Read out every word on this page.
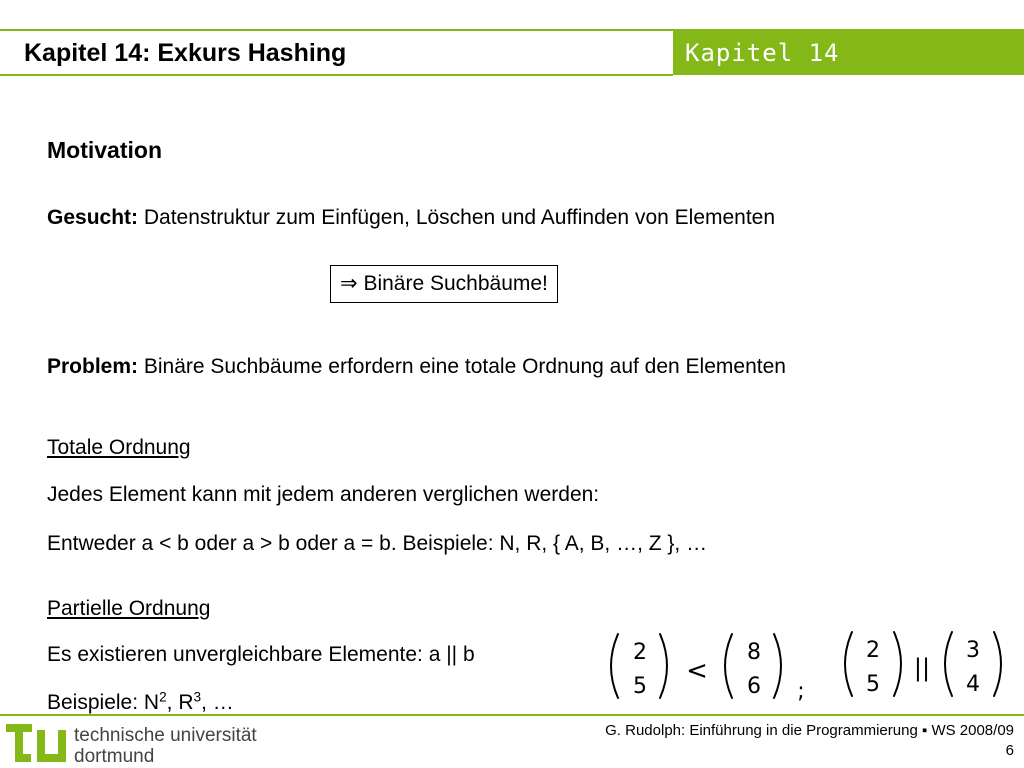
Kapitel 14: Exkurs Hashing	Kapitel 14
Motivation
Gesucht: Datenstruktur zum Einfügen, Löschen und Auffinden von Elementen
⇒ Binäre Suchbäume!
Problem: Binäre Suchbäume erfordern eine totale Ordnung auf den Elementen
Totale Ordnung
Jedes Element kann mit jedem anderen verglichen werden:
Entweder a < b oder a > b oder a = b. Beispiele: N, R, { A, B, …, Z }, …
Partielle Ordnung
Es existieren unvergleichbare Elemente: a || b
Beispiele: $N^2$, $R^3$, …
2
5
<
8
6 ;
2
5
||
3
4
technische universität
dortmund
G. Rudolph: Einführung in die Programmierung ▪ WS 2008/09
6
